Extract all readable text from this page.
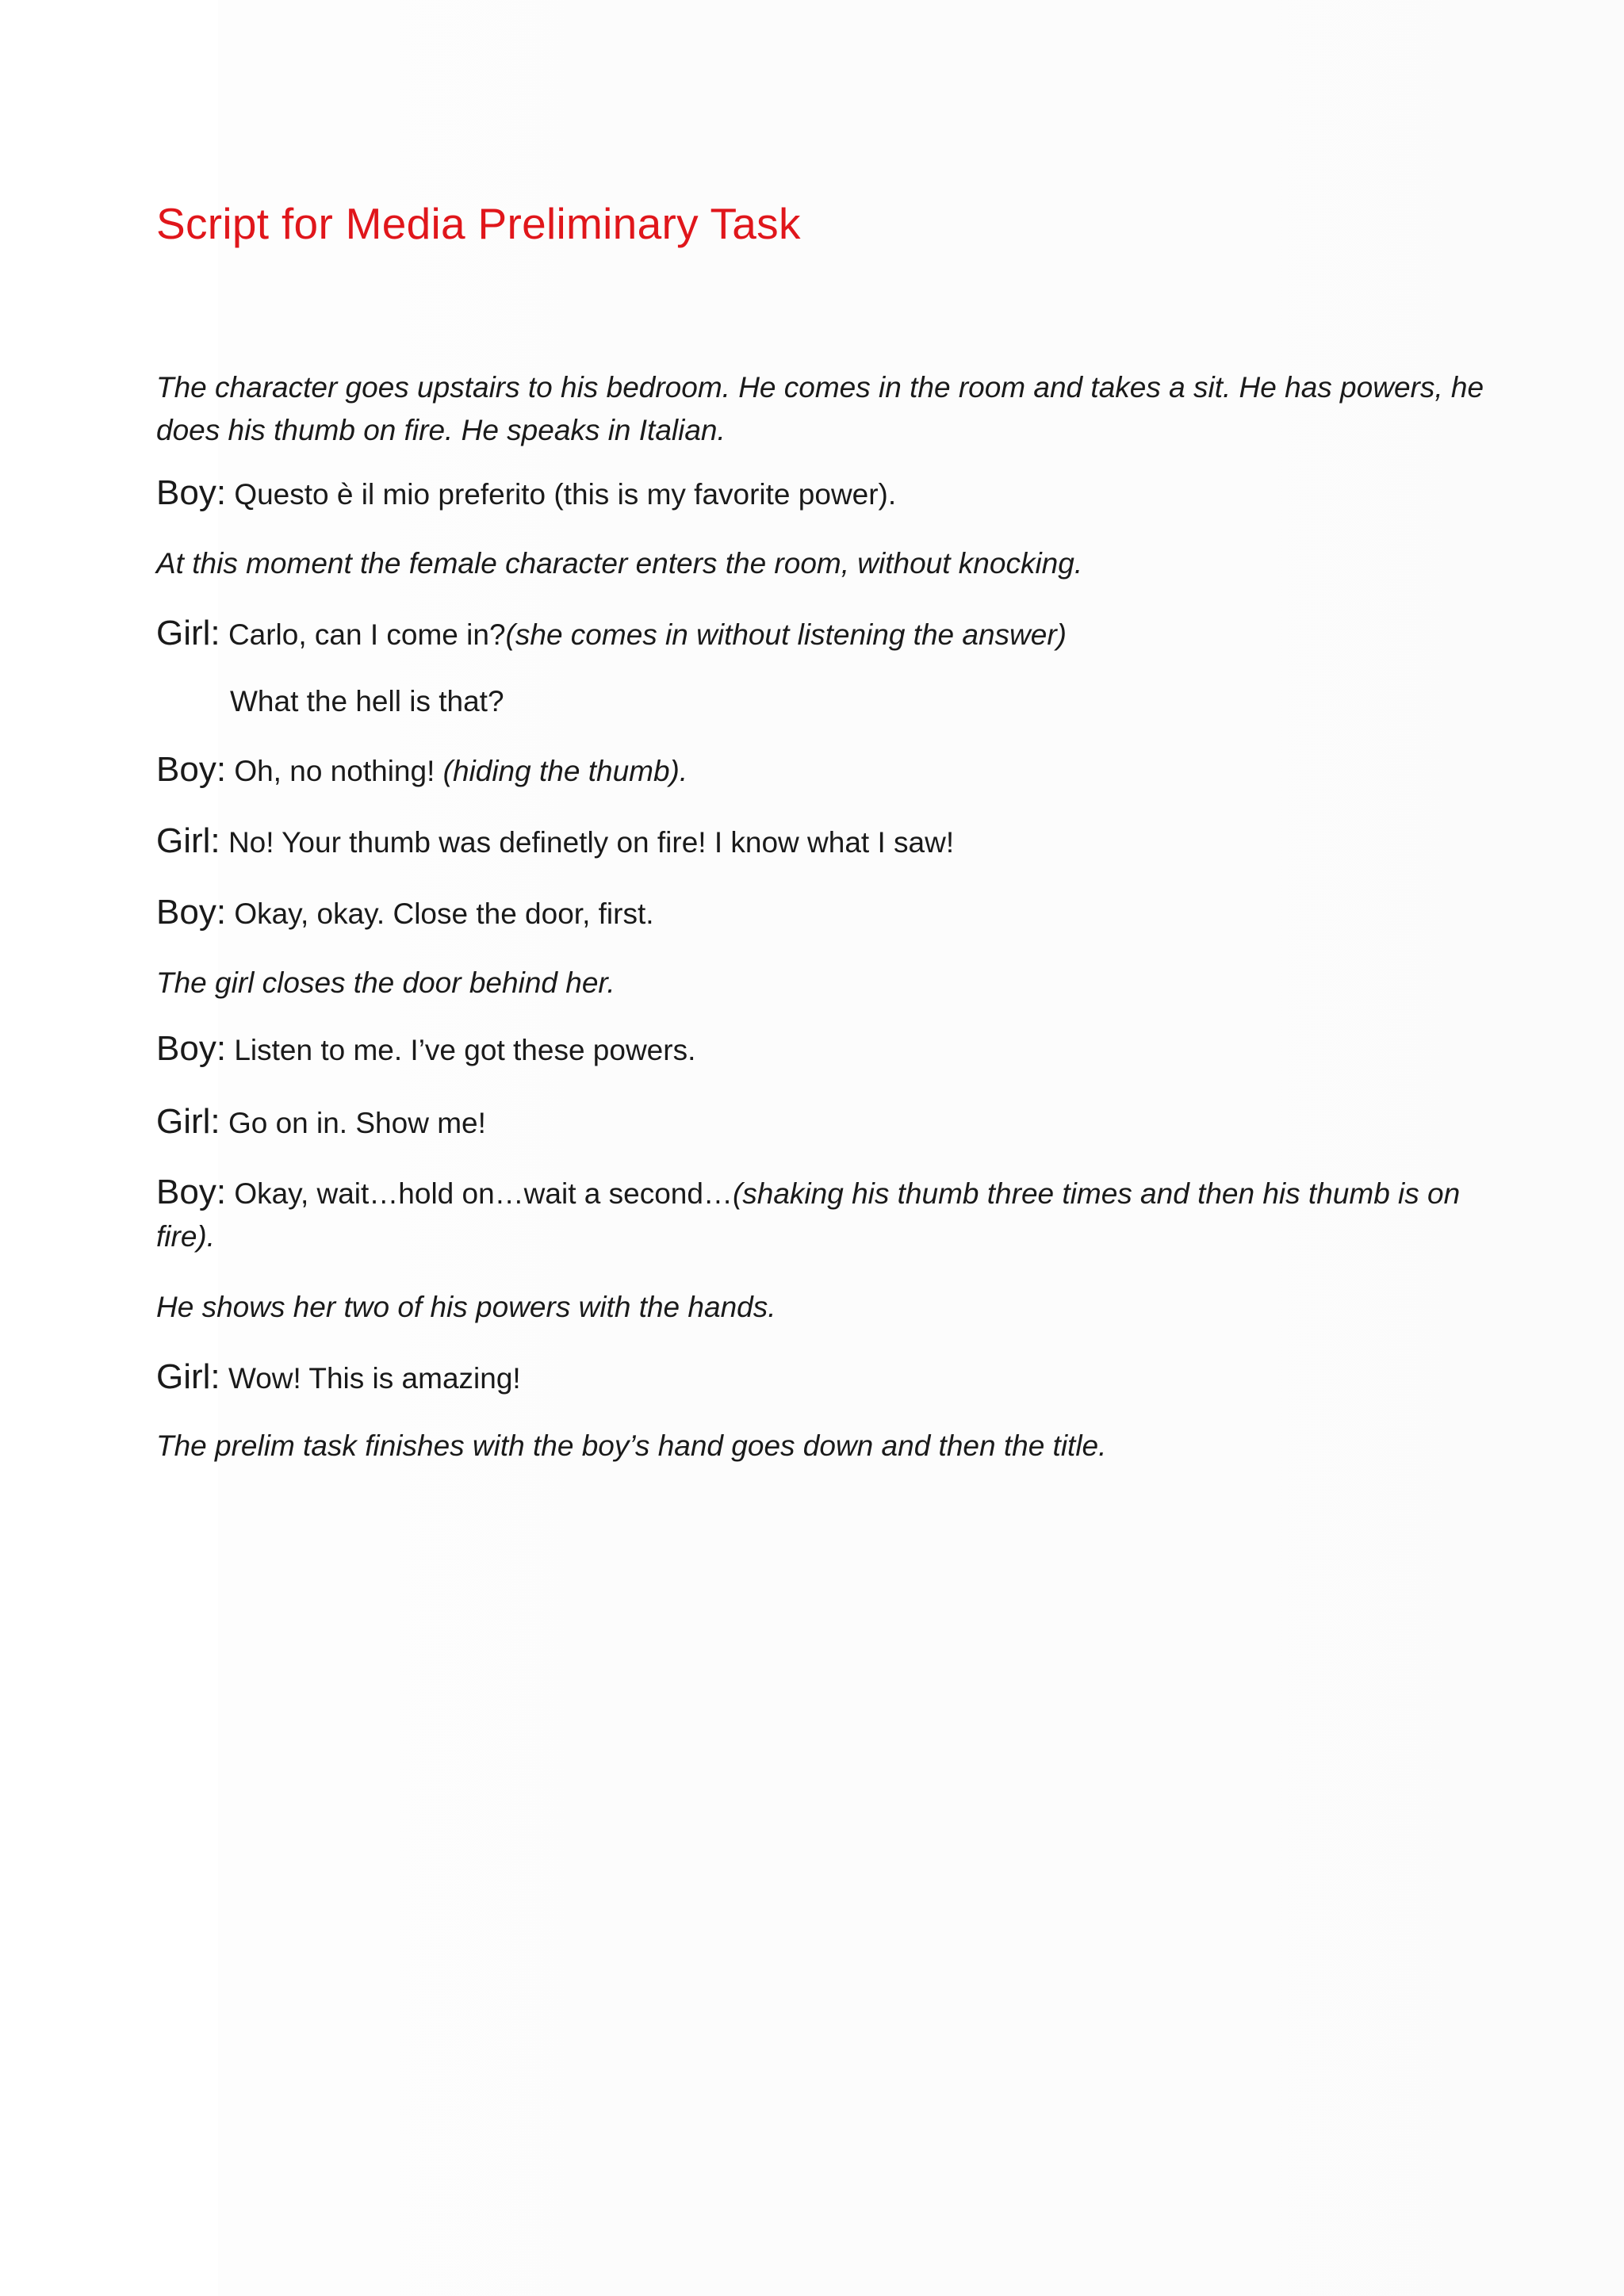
Script for Media Preliminary Task
The character goes upstairs to his bedroom. He comes in the room and takes a sit. He has powers, he does his thumb on fire. He speaks in Italian.
Boy: Questo è il mio preferito (this is my favorite power).
At this moment the female character enters the room, without knocking.
Girl: Carlo, can I come in?(she comes in without listening the answer)
What the hell is that?
Boy: Oh, no nothing! (hiding the thumb).
Girl: No! Your thumb was definetly on fire! I know what I saw!
Boy: Okay, okay. Close the door, first.
The girl closes the door behind her.
Boy: Listen to me. I’ve got these powers.
Girl: Go on in. Show me!
Boy: Okay, wait…hold on…wait a second…(shaking his thumb three times and then his thumb is on fire).
He shows her two of his powers with the hands.
Girl: Wow! This is amazing!
The prelim task finishes with the boy’s hand goes down and then the title.
